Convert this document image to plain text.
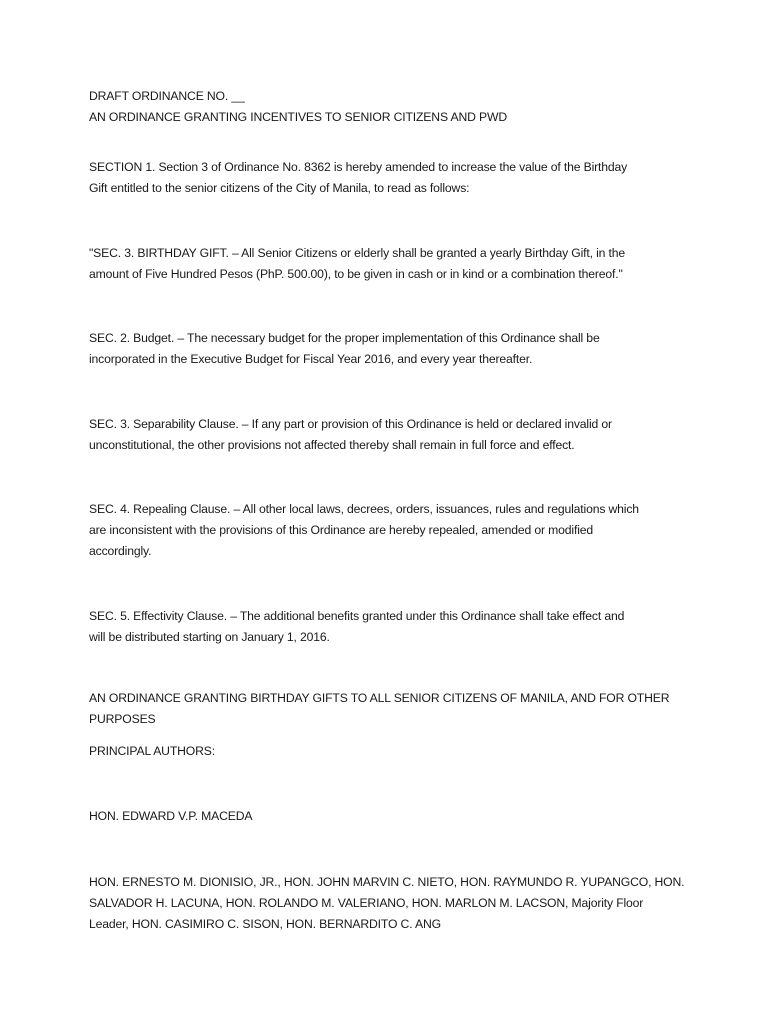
DRAFT ORDINANCE NO. __
AN ORDINANCE GRANTING INCENTIVES TO SENIOR CITIZENS AND PWD
SECTION 1. Section 3 of Ordinance No. 8362 is hereby amended to increase the value of the Birthday
Gift entitled to the senior citizens of the City of Manila, to read as follows:
"SEC. 3. BIRTHDAY GIFT. – All Senior Citizens or elderly shall be granted a yearly Birthday Gift, in the
amount of Five Hundred Pesos (PhP. 500.00), to be given in cash or in kind or a combination thereof."
SEC. 2. Budget. – The necessary budget for the proper implementation of this Ordinance shall be
incorporated in the Executive Budget for Fiscal Year 2016, and every year thereafter.
SEC. 3. Separability Clause. – If any part or provision of this Ordinance is held or declared invalid or
unconstitutional, the other provisions not affected thereby shall remain in full force and effect.
SEC. 4. Repealing Clause. – All other local laws, decrees, orders, issuances, rules and regulations which
are inconsistent with the provisions of this Ordinance are hereby repealed, amended or modified
accordingly.
SEC. 5. Effectivity Clause. – The additional benefits granted under this Ordinance shall take effect and
will be distributed starting on January 1, 2016.
AN ORDINANCE GRANTING BIRTHDAY GIFTS TO ALL SENIOR CITIZENS OF MANILA, AND FOR OTHER
PURPOSES
PRINCIPAL AUTHORS:
HON. EDWARD V.P. MACEDA
HON. ERNESTO M. DIONISIO, JR., HON. JOHN MARVIN C. NIETO, HON. RAYMUNDO R. YUPANGCO, HON.
SALVADOR H. LACUNA, HON. ROLANDO M. VALERIANO, HON. MARLON M. LACSON, Majority Floor
Leader, HON. CASIMIRO C. SISON, HON. BERNARDITO C. ANG
